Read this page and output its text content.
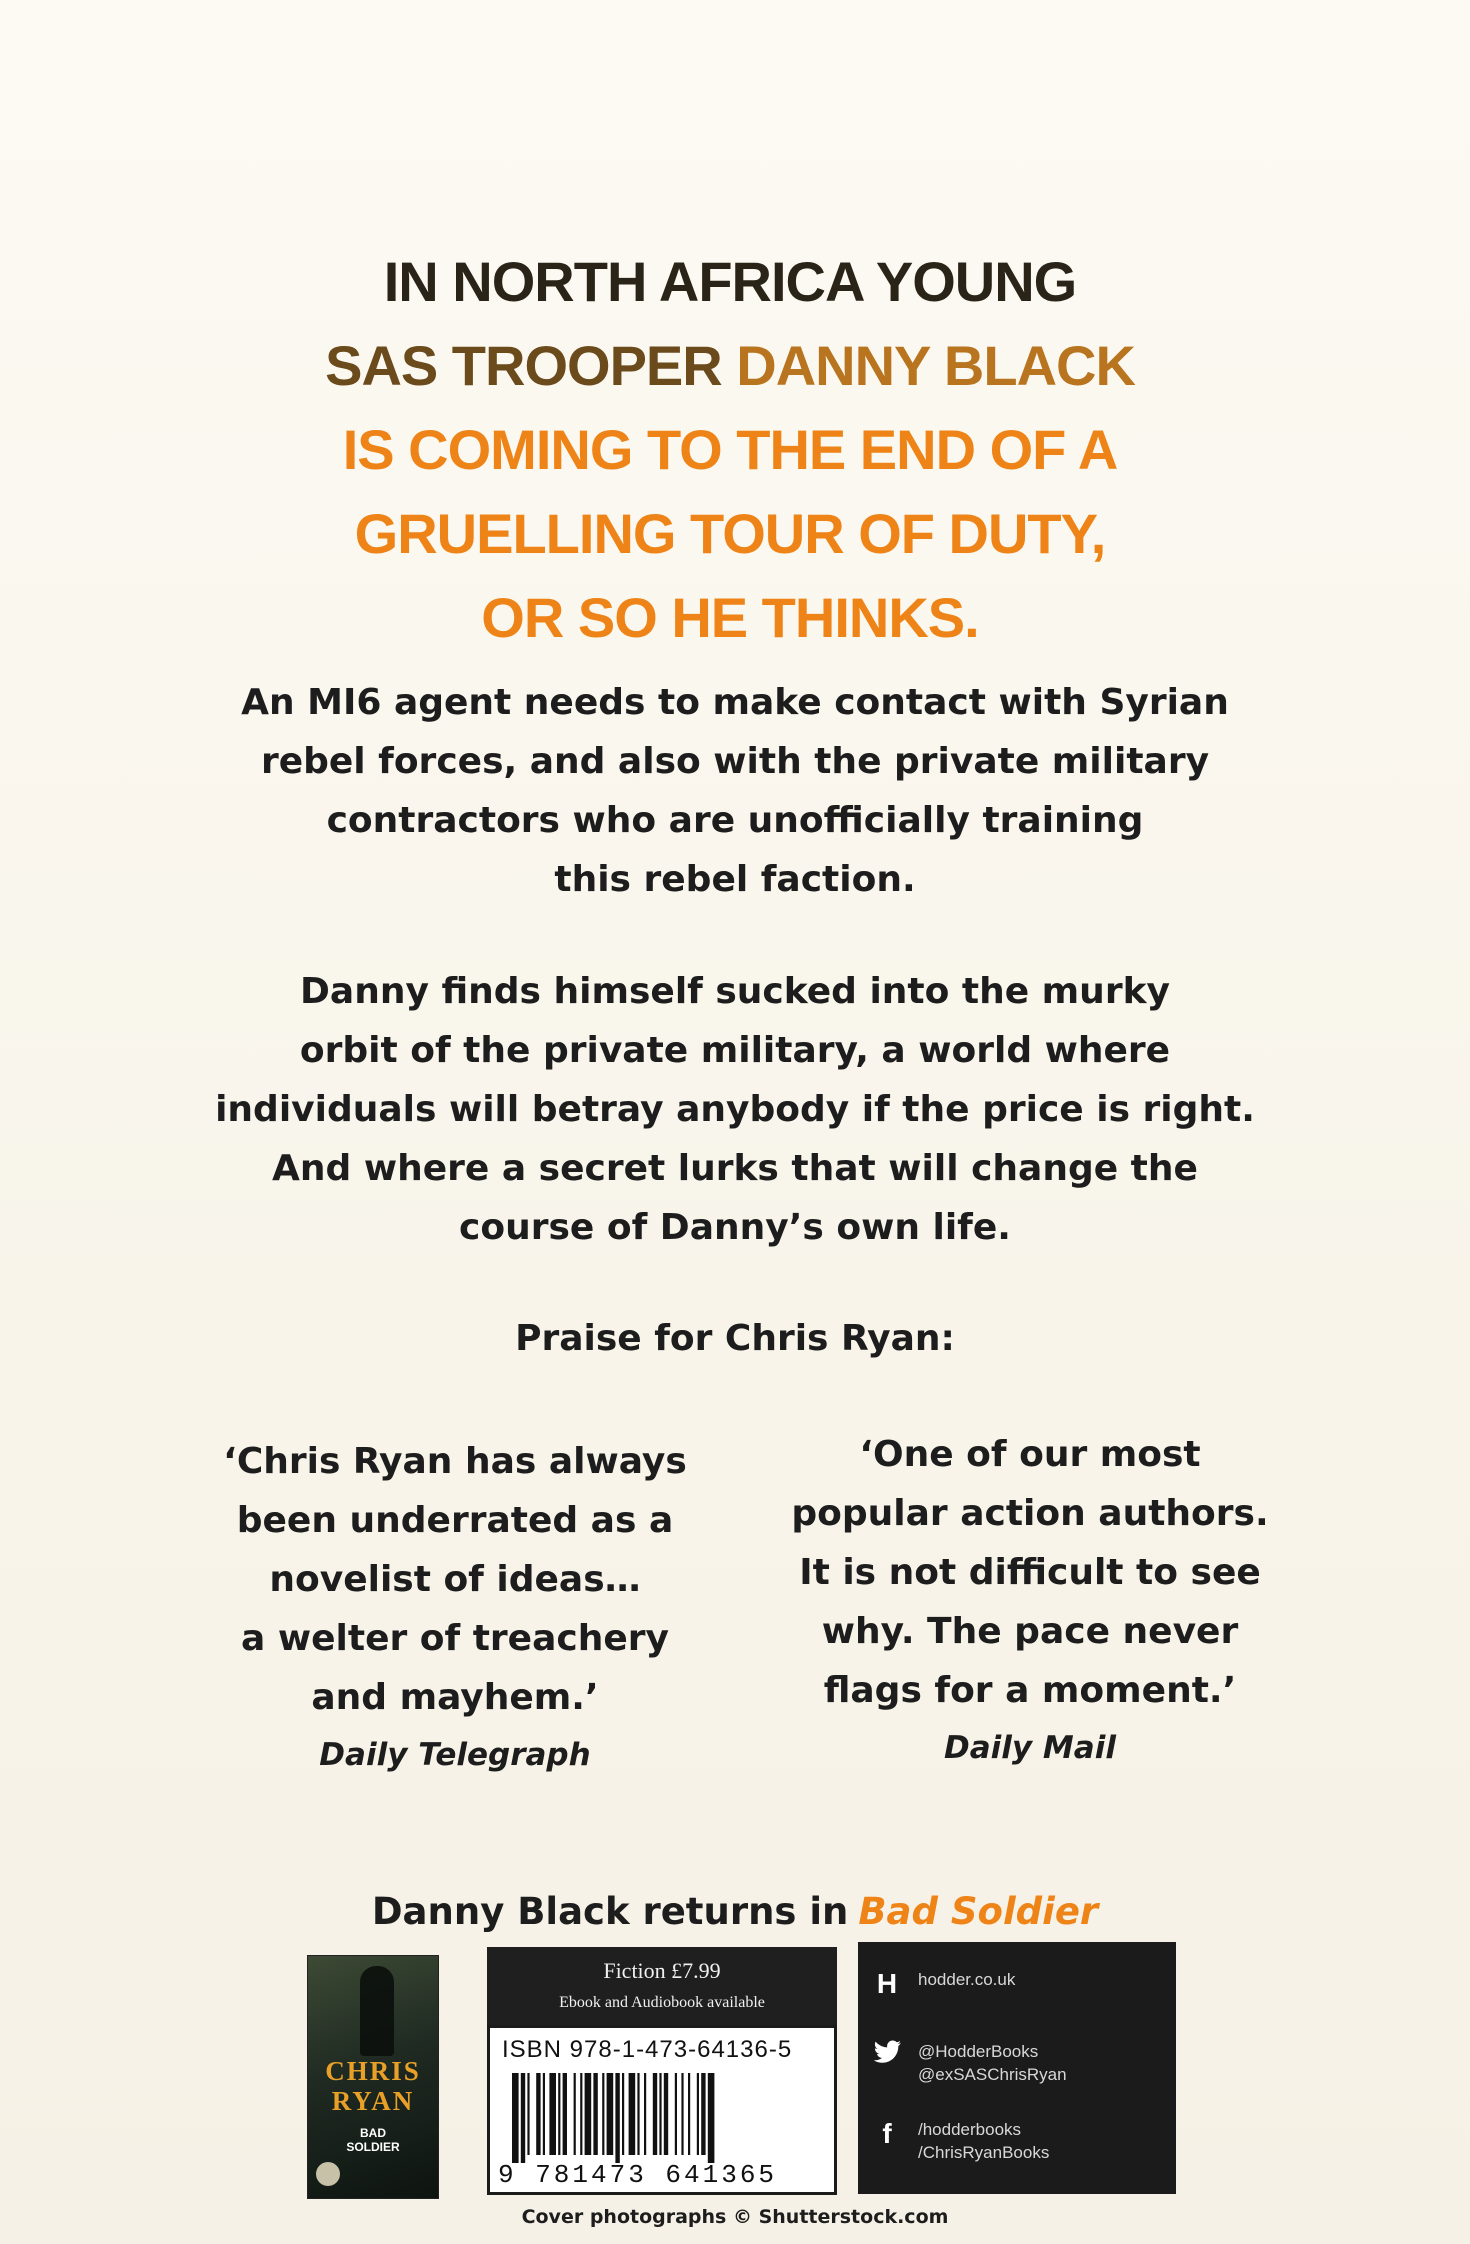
IN NORTH AFRICA YOUNG
SAS TROOPER DANNY BLACK
IS COMING TO THE END OF A
GRUELLING TOUR OF DUTY,
OR SO HE THINKS.
An MI6 agent needs to make contact with Syrian
rebel forces, and also with the private military
contractors who are unofficially training
this rebel faction.
Danny finds himself sucked into the murky
orbit of the private military, a world where
individuals will betray anybody if the price is right.
And where a secret lurks that will change the
course of Danny’s own life.
Praise for Chris Ryan:
‘Chris Ryan has always
been underrated as a
novelist of ideas…
a welter of treachery
and mayhem.’
Daily Telegraph
‘One of our most
popular action authors.
It is not difficult to see
why. The pace never
flags for a moment.’
Daily Mail
Danny Black returns in Bad Soldier
CHRIS
RYAN
BAD
SOLDIER
Fiction £7.99
Ebook and Audiobook available
ISBN 978-1-473-64136-5
9 781473 641365
H	hodder.co.uk
@HodderBooks
@exSASChrisRyan
f	/hodderbooks
/ChrisRyanBooks
Cover photographs © Shutterstock.com
